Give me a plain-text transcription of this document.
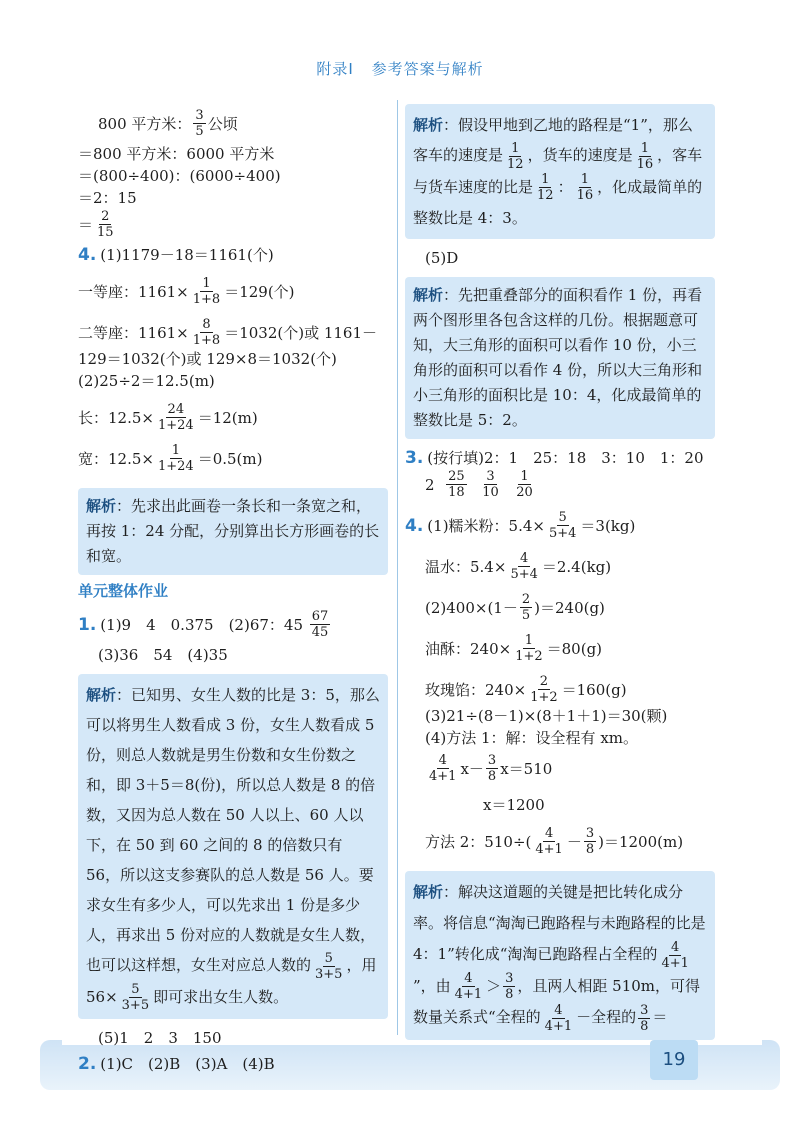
附录Ⅰ 参考答案与解析
800 平方米： $\frac{3}{5}$ 公顷
＝800 平方米：6000 平方米
＝(800÷400)：(6000÷400)
＝2：15
＝ $\frac{2}{15}$
4. (1)1179－18＝1161(个)
一等座：$1161\times \frac{1}{1+8} =129$(个)
二等座：$1161\times \frac{8}{1+8} =1032$(个)或 1161－
129＝1032(个)或 129×8＝1032(个)
(2)25÷2＝12.5(m)
长：$12.5\times \frac{24}{1+24} =12(m)$
宽：$12.5\times \frac{1}{1+24} =0.5(m)$
解析：先求出此画卷一条长和一条宽之和，再按 1：24 分配，分别算出长方形画卷的长和宽。
单元整体作业
1. (1)9　4　0.375　(2)67：45
$\frac{67}{45}$
(3)36　54　(4)35
解析：已知男、女生人数的比是 3：5，那么可以将男生人数看成 3 份，女生人数看成 5 份，则总人数就是男生份数和女生份数之和，即 3＋5＝8(份)，所以总人数是 8 的倍数，又因为总人数在 50 人以上、60 人以下，在 50 到 60 之间的 8 的倍数只有 56，所以这支参赛队的总人数是 56 人。要求女生有多少人，可以先求出 1 份是多少人，再求出 5 份对应的人数就是女生人数，也可以这样想，女生对应总人数的 $\frac{5}{3+5}$ ，用 $56\times \frac{5}{3+5}$ 即可求出女生人数。
(5)1　2　3　150
2. (1)C　(2)B　(3)A　(4)B
解析：假设甲地到乙地的路程是“1”，那么客车的速度是 $\frac{1}{12}$ ，货车的速度是 $\frac{1}{16}$ ，客车与货车速度的比是 $\frac{1}{12}$ ： $\frac{1}{16}$ ，化成最简单的整数比是 4：3。
(5)D
解析：先把重叠部分的面积看作 1 份，再看两个图形里各包含这样的几份。根据题意可知，大三角形的面积可以看作 10 份，小三角形的面积可以看作 4 份，所以大三角形和小三角形的面积比是 10：4，化成最简单的整数比是 5：2。
3. (按行填)2：1　25：18　3：10　1：20
2
$\frac{25}{18}$
$\frac{3}{10}$
$\frac{1}{20}$
4. (1)糯米粉：$5.4\times \frac{5}{5+4} =3(kg)$
温水：$5.4\times \frac{4}{5+4} =2.4(kg)$
$(2)400\times(1- \frac{2}{5} )=240(g)$
油酥：$240\times \frac{1}{1+2} =80(g)$
玫瑰馅：$240\times \frac{2}{1+2} =160(g)$
(3)21÷(8－1)×(8＋1＋1)＝30(颗)
(4)方法 1：解：设全程有 xm。
$\frac{4}{4+1} x- \frac{3}{8} x=510$
x＝1200
方法 2：$510\div( \frac{4}{4+1} - \frac{3}{8} )=1200(m)$
解析：解决这道题的关键是把比转化成分率。将信息“淘淘已跑路程与未跑路程的比是 4：1”转化成“淘淘已跑路程占全程的 $\frac{4}{4+1}$
”，由 $\frac{4}{4+1} > \frac{3}{8}$ ，且两人相距 510m，可得数量关系式“全程的 $\frac{4}{4+1}$ －全程的 $\frac{3}{8}$ ＝
19
